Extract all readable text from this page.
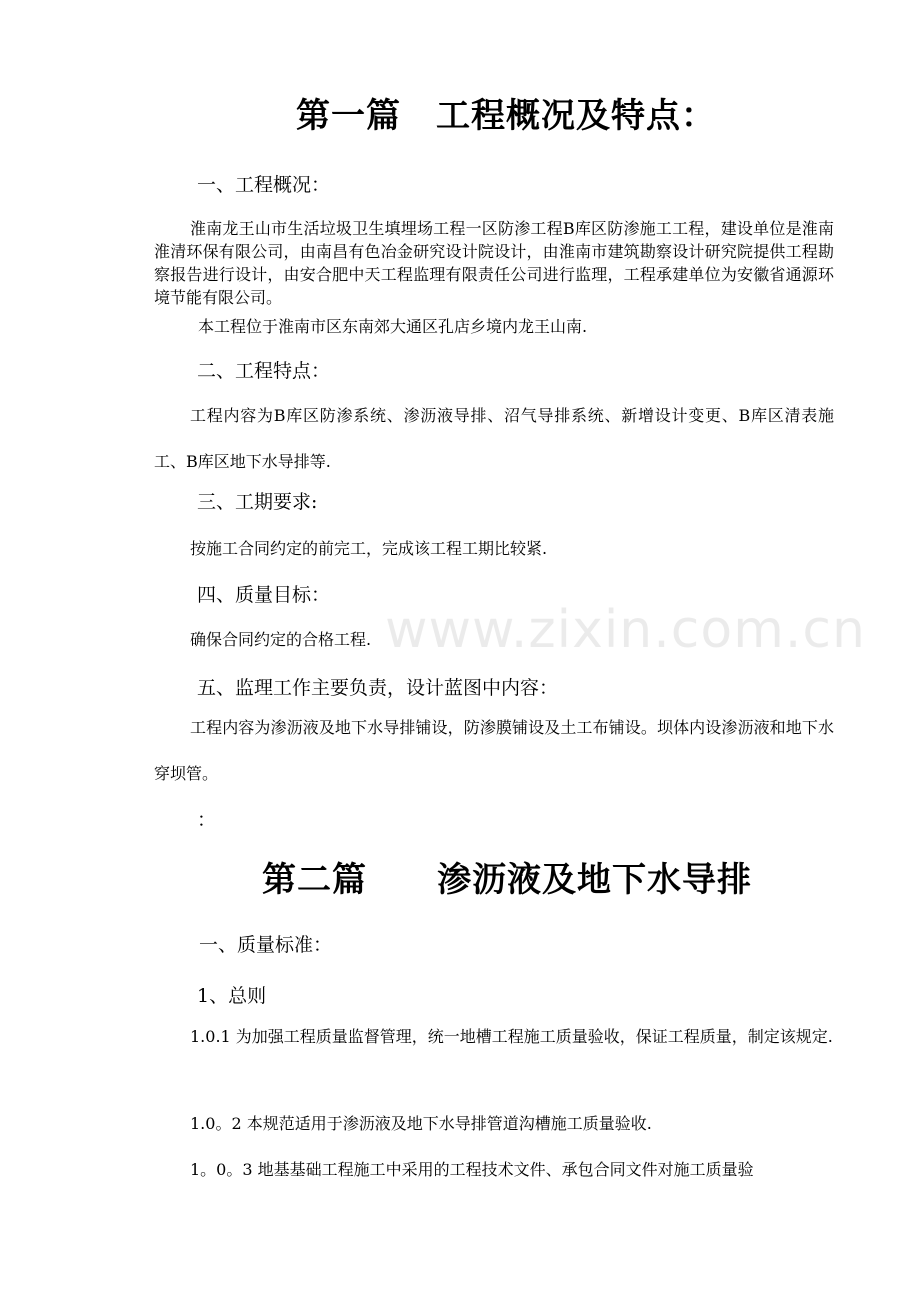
www.zixin.com.cn
第一篇　工程概况及特点：
一、工程概况：
淮南龙王山市生活垃圾卫生填埋场工程一区防渗工程B库区防渗施工工程，建设单位是淮南淮清环保有限公司，由南昌有色冶金研究设计院设计，由淮南市建筑勘察设计研究院提供工程勘察报告进行设计，由安合肥中天工程监理有限责任公司进行监理，工程承建单位为安徽省通源环境节能有限公司。
本工程位于淮南市区东南郊大通区孔店乡境内龙王山南.
二、工程特点：
工程内容为B库区防渗系统、渗沥液导排、沼气导排系统、新增设计变更、B库区清表施工、B库区地下水导排等.
三、工期要求:
按施工合同约定的前完工，完成该工程工期比较紧.
四、质量目标：
确保合同约定的合格工程.
五、监理工作主要负责，设计蓝图中内容：
工程内容为渗沥液及地下水导排铺设，防渗膜铺设及土工布铺设。坝体内设渗沥液和地下水穿坝管。
：
第二篇　　渗沥液及地下水导排
一、质量标准：
1、总则
1.0.1 为加强工程质量监督管理，统一地槽工程施工质量验收，保证工程质量，制定该规定.
1.0。2 本规范适用于渗沥液及地下水导排管道沟槽施工质量验收.
1。0。3 地基基础工程施工中采用的工程技术文件、承包合同文件对施工质量验
